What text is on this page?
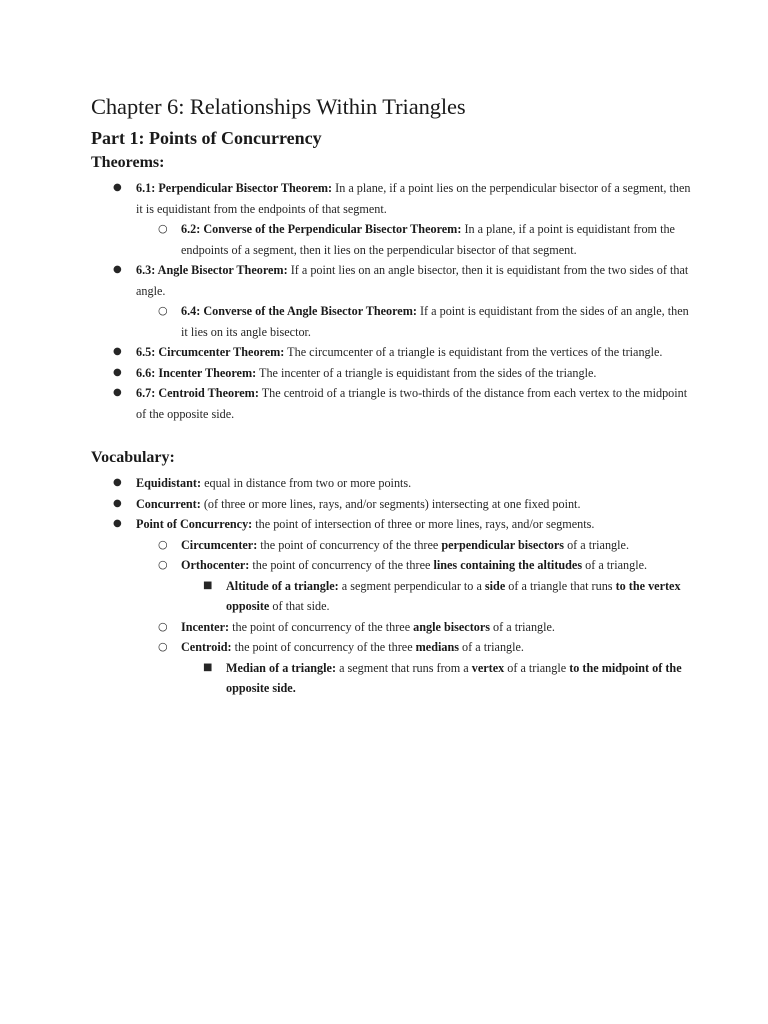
Chapter 6: Relationships Within Triangles
Part 1: Points of Concurrency
Theorems:
● 6.1: Perpendicular Bisector Theorem: In a plane, if a point lies on the perpendicular bisector of a segment, then it is equidistant from the endpoints of that segment.
○ 6.2: Converse of the Perpendicular Bisector Theorem: In a plane, if a point is equidistant from the endpoints of a segment, then it lies on the perpendicular bisector of that segment.
● 6.3: Angle Bisector Theorem: If a point lies on an angle bisector, then it is equidistant from the two sides of that angle.
○ 6.4: Converse of the Angle Bisector Theorem: If a point is equidistant from the sides of an angle, then it lies on its angle bisector.
● 6.5: Circumcenter Theorem: The circumcenter of a triangle is equidistant from the vertices of the triangle.
● 6.6: Incenter Theorem: The incenter of a triangle is equidistant from the sides of the triangle.
● 6.7: Centroid Theorem: The centroid of a triangle is two-thirds of the distance from each vertex to the midpoint of the opposite side.
Vocabulary:
● Equidistant: equal in distance from two or more points.
● Concurrent: (of three or more lines, rays, and/or segments) intersecting at one fixed point.
● Point of Concurrency: the point of intersection of three or more lines, rays, and/or segments.
○ Circumcenter: the point of concurrency of the three perpendicular bisectors of a triangle.
○ Orthocenter: the point of concurrency of the three lines containing the altitudes of a triangle.
■ Altitude of a triangle: a segment perpendicular to a side of a triangle that runs to the vertex opposite of that side.
○ Incenter: the point of concurrency of the three angle bisectors of a triangle.
○ Centroid: the point of concurrency of the three medians of a triangle.
■ Median of a triangle: a segment that runs from a vertex of a triangle to the midpoint of the opposite side.
